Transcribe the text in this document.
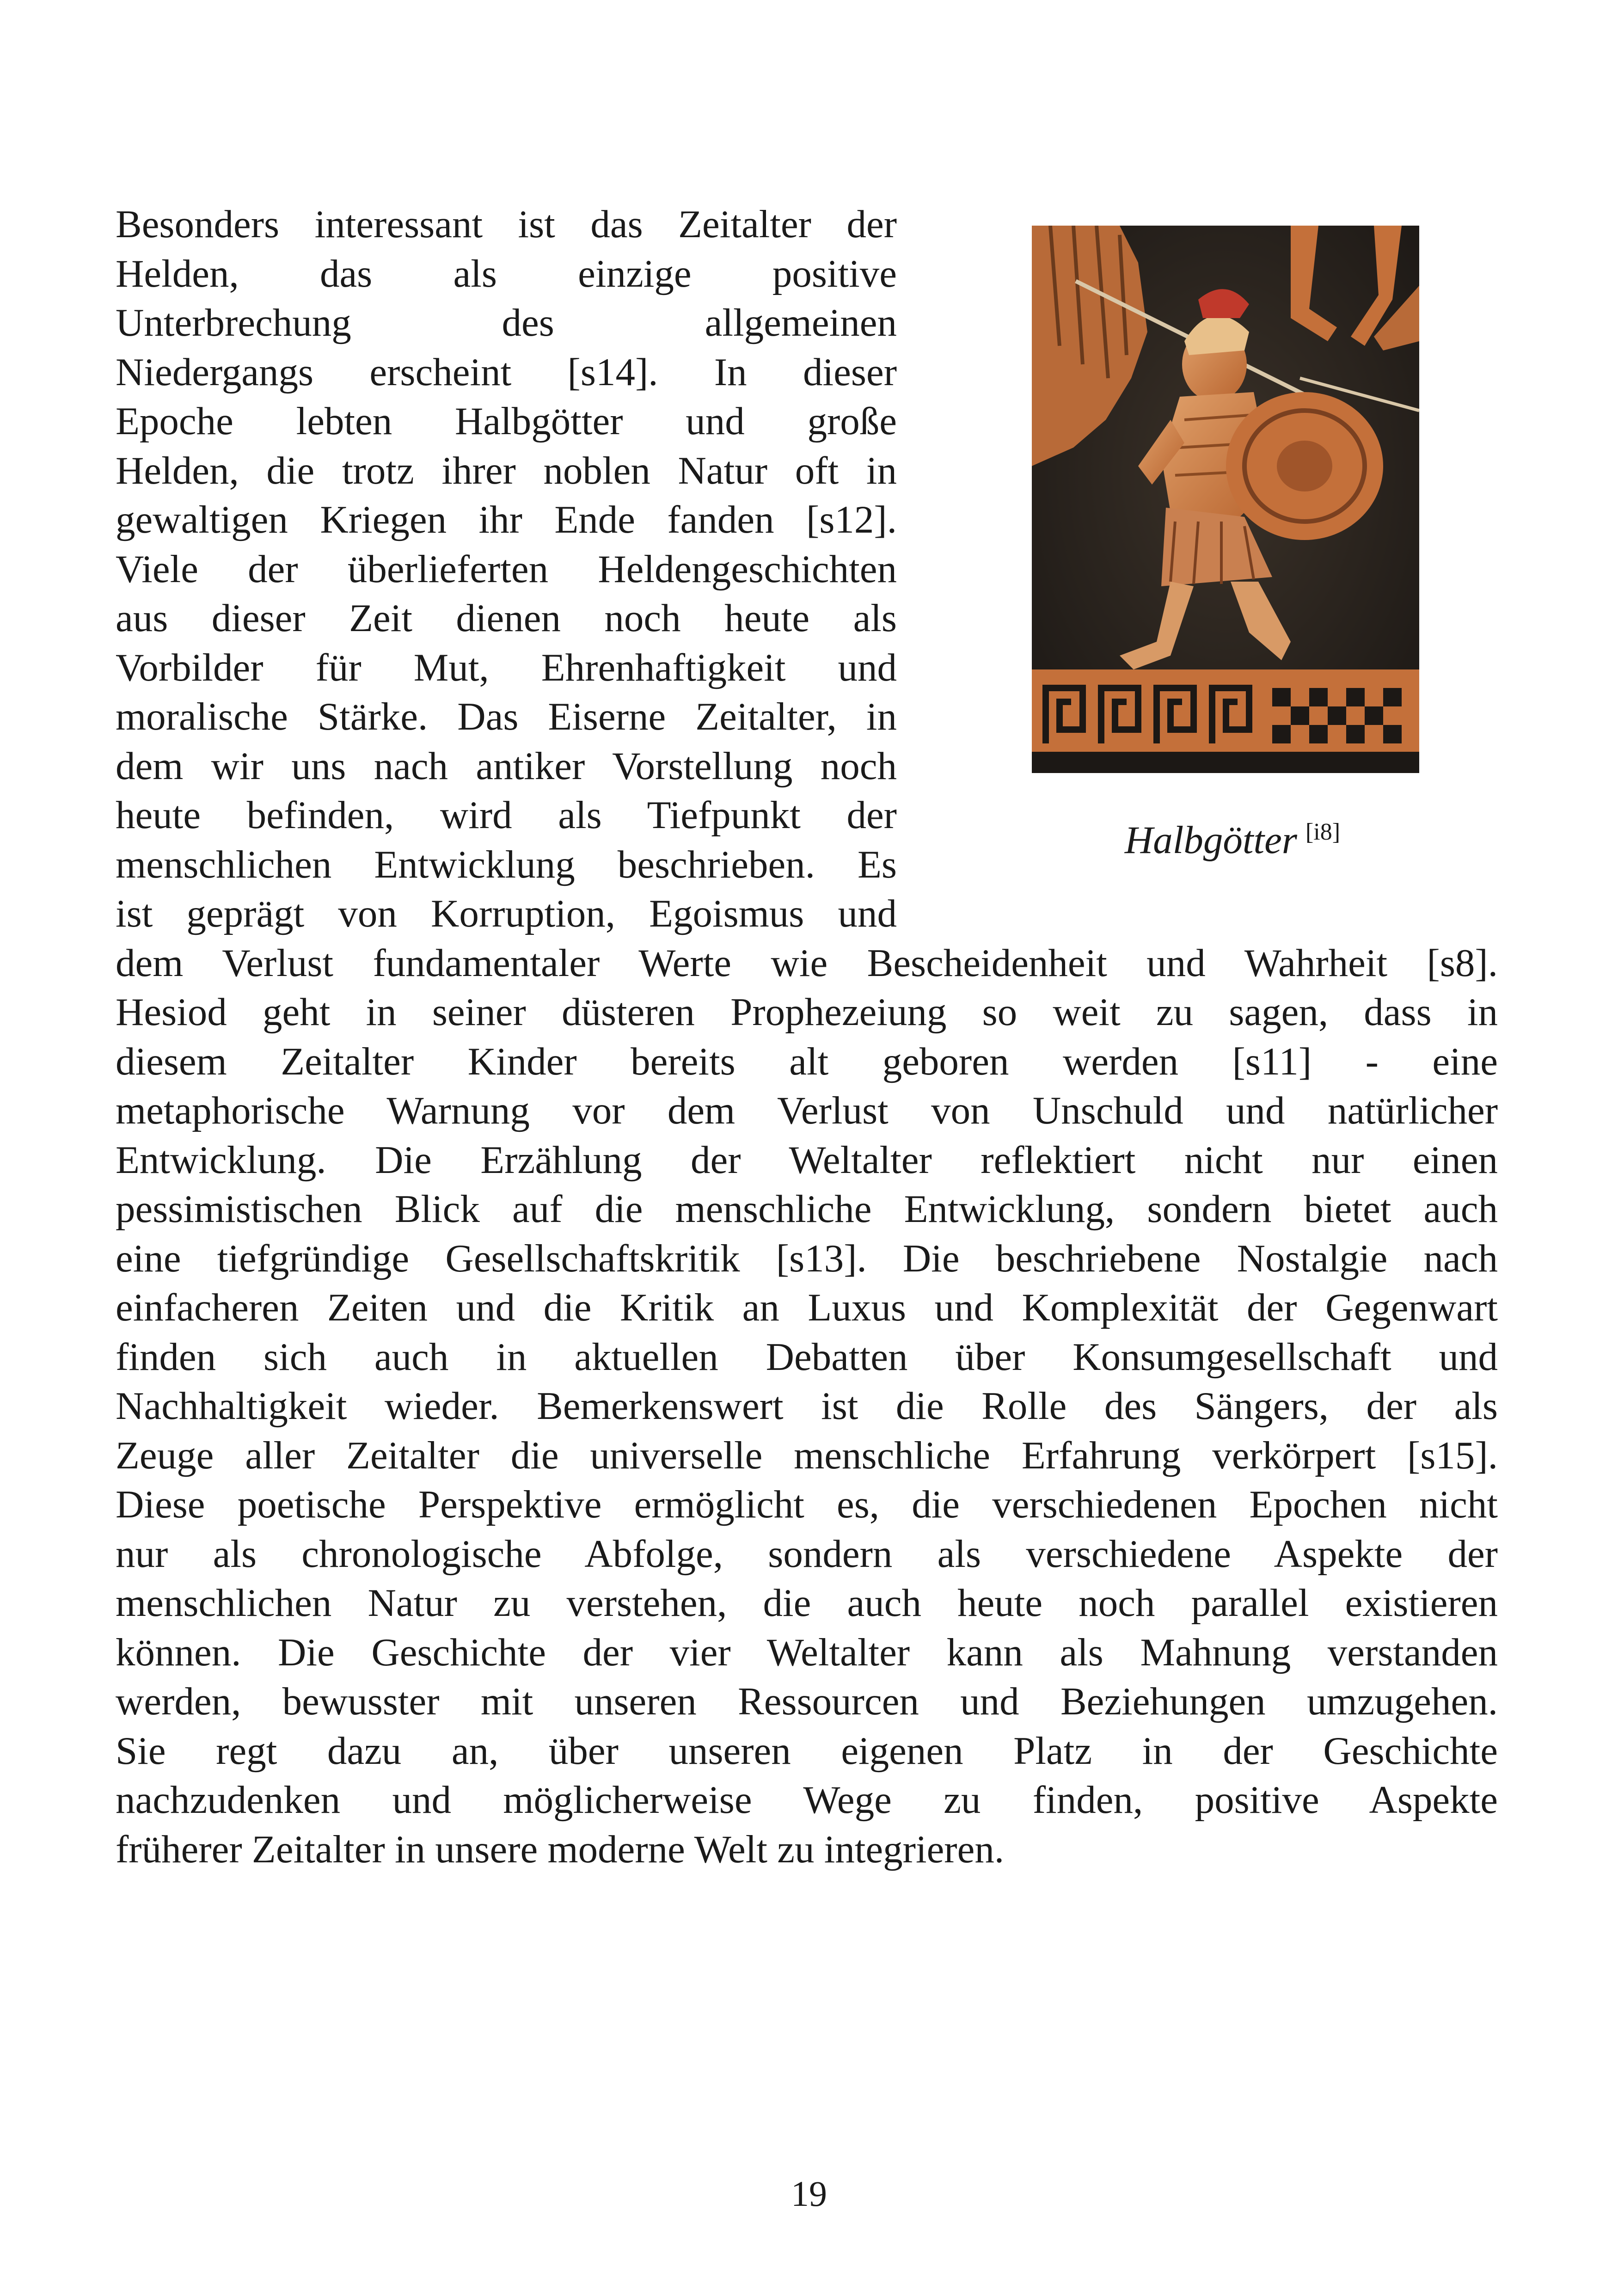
Besonders interessant ist das Zeitalter der

Helden, das als einzige positive

Unterbrechung des allgemeinen

Niedergangs erscheint [s14]. In dieser

Epoche lebten Halbgötter und große

Helden, die trotz ihrer noblen Natur oft in

gewaltigen Kriegen ihr Ende fanden [s12].

Viele der überlieferten Heldengeschichten

aus dieser Zeit dienen noch heute als

Vorbilder für Mut, Ehrenhaftigkeit und

moralische Stärke. Das Eiserne Zeitalter, in

dem wir uns nach antiker Vorstellung noch

heute befinden, wird als Tiefpunkt der

menschlichen Entwicklung beschrieben. Es

ist geprägt von Korruption, Egoismus und

dem Verlust fundamentaler Werte wie Bescheidenheit und Wahrheit [s8].

Hesiod geht in seiner düsteren Prophezeiung so weit zu sagen, dass in

diesem Zeitalter Kinder bereits alt geboren werden [s11] - eine

metaphorische Warnung vor dem Verlust von Unschuld und natürlicher

Entwicklung. Die Erzählung der Weltalter reflektiert nicht nur einen

pessimistischen Blick auf die menschliche Entwicklung, sondern bietet auch

eine tiefgründige Gesellschaftskritik [s13]. Die beschriebene Nostalgie nach

einfacheren Zeiten und die Kritik an Luxus und Komplexität der Gegenwart

finden sich auch in aktuellen Debatten über Konsumgesellschaft und

Nachhaltigkeit wieder. Bemerkenswert ist die Rolle des Sängers, der als

Zeuge aller Zeitalter die universelle menschliche Erfahrung verkörpert [s15].

Diese poetische Perspektive ermöglicht es, die verschiedenen Epochen nicht

nur als chronologische Abfolge, sondern als verschiedene Aspekte der

menschlichen Natur zu verstehen, die auch heute noch parallel existieren

können. Die Geschichte der vier Weltalter kann als Mahnung verstanden

werden, bewusster mit unseren Ressourcen und Beziehungen umzugehen.

Sie regt dazu an, über unseren eigenen Platz in der Geschichte

nachzudenken und möglicherweise Wege zu finden, positive Aspekte

früherer Zeitalter in unsere moderne Welt zu integrieren.

Halbgötter [i8]
19
